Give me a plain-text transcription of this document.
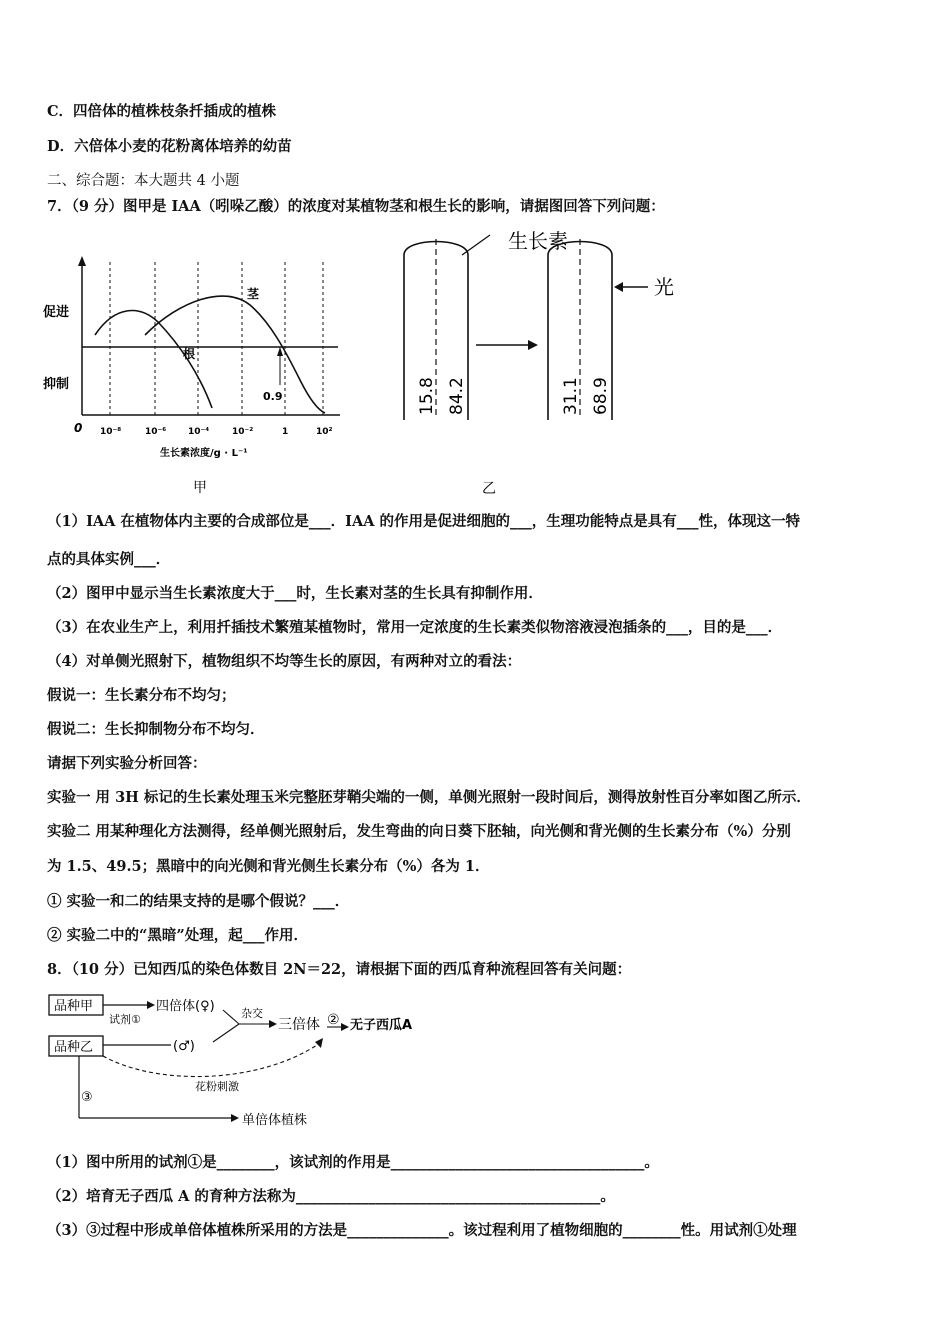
C．四倍体的植株枝条扦插成的植株
D．六倍体小麦的花粉离体培养的幼苗
二、综合题：本大题共 4 小题
7．（9 分）图甲是 IAA（吲哚乙酸）的浓度对某植物茎和根生长的影响，请据图回答下列问题：
促进
抑制
茎
根
0.9
0 10⁻⁸	10⁻⁶ 10⁻⁴	10⁻²	1	10²
生长素浓度/g · L⁻¹
甲
生长素
15.8 84.2
光
31.1 68.9
乙
（1）IAA 在植物体内主要的合成部位是___．IAA 的作用是促进细胞的___，生理功能特点是具有___性，体现这一特
点的具体实例___．
（2）图甲中显示当生长素浓度大于___时，生长素对茎的生长具有抑制作用．
（3）在农业生产上，利用扦插技术繁殖某植物时，常用一定浓度的生长素类似物溶液浸泡插条的___，目的是___．
（4）对单侧光照射下，植物组织不均等生长的原因，有两种对立的看法：
假说一：生长素分布不均匀；
假说二：生长抑制物分布不均匀．
请据下列实验分析回答：
实验一 用 3H 标记的生长素处理玉米完整胚芽鞘尖端的一侧，单侧光照射一段时间后，测得放射性百分率如图乙所示．
实验二 用某种理化方法测得，经单侧光照射后，发生弯曲的向日葵下胚轴，向光侧和背光侧的生长素分布（%）分别
为 1.5、49.5；黑暗中的向光侧和背光侧生长素分布（%）各为 1．
① 实验一和二的结果支持的是哪个假说？___．
② 实验二中的“黑暗”处理，起___作用．
8．（10 分）已知西瓜的染色体数目 2N＝22，请根据下面的西瓜育种流程回答有关问题：
品种甲
品种乙
试剂①
四倍体(♀)
(♂)
杂交
三倍体 ② 无子西瓜A
花粉刺激
③
单倍体植株
（1）图中所用的试剂①是________，该试剂的作用是___________________________________。
（2）培育无子西瓜 A 的育种方法称为__________________________________________。
（3）③过程中形成单倍体植株所采用的方法是______________。该过程利用了植物细胞的________性。用试剂①处理
